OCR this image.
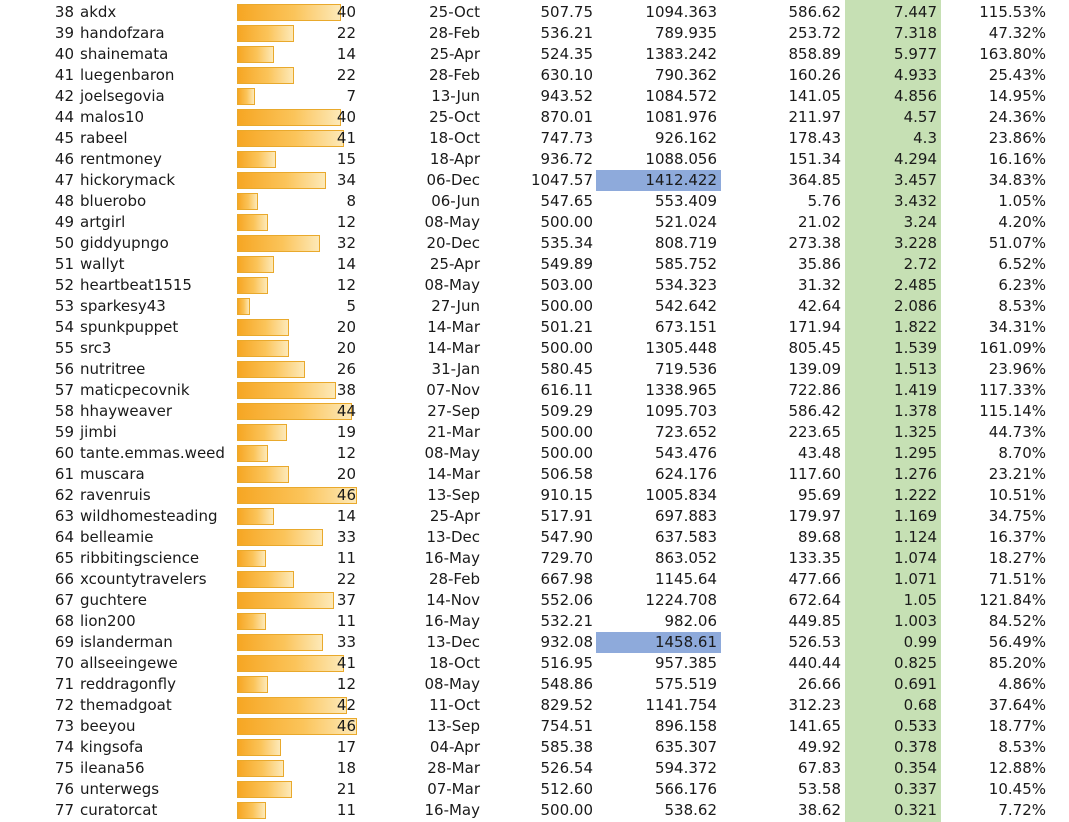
38 akdx	40	25-Oct	507.75	1094.363	586.62	7.447	115.53%
39 handofzara	22	28-Feb	536.21	789.935	253.72	7.318	47.32%
40 shainemata	14	25-Apr	524.35	1383.242	858.89	5.977	163.80%
41 luegenbaron	22	28-Feb	630.10	790.362	160.26	4.933	25.43%
42 joelsegovia	7	13-Jun	943.52	1084.572	141.05	4.856	14.95%
44 malos10	40	25-Oct	870.01	1081.976	211.97	4.57	24.36%
45 rabeel	41	18-Oct	747.73	926.162	178.43	4.3	23.86%
46 rentmoney	15	18-Apr	936.72	1088.056	151.34	4.294	16.16%
47 hickorymack	34	06-Dec	1047.57	1412.422	364.85	3.457	34.83%
48 bluerobo	8	06-Jun	547.65	553.409	5.76	3.432	1.05%
49 artgirl	12	08-May	500.00	521.024	21.02	3.24	4.20%
50 giddyupngo	32	20-Dec	535.34	808.719	273.38	3.228	51.07%
51 wallyt	14	25-Apr	549.89	585.752	35.86	2.72	6.52%
52 heartbeat1515	12	08-May	503.00	534.323	31.32	2.485	6.23%
53 sparkesy43	5	27-Jun	500.00	542.642	42.64	2.086	8.53%
54 spunkpuppet	20	14-Mar	501.21	673.151	171.94	1.822	34.31%
55 src3	20	14-Mar	500.00	1305.448	805.45	1.539	161.09%
56 nutritree	26	31-Jan	580.45	719.536	139.09	1.513	23.96%
57 maticpecovnik	38	07-Nov	616.11	1338.965	722.86	1.419	117.33%
58 hhayweaver	44	27-Sep	509.29	1095.703	586.42	1.378	115.14%
59 jimbi	19	21-Mar	500.00	723.652	223.65	1.325	44.73%
60 tante.emmas.weed	12	08-May	500.00	543.476	43.48	1.295	8.70%
61 muscara	20	14-Mar	506.58	624.176	117.60	1.276	23.21%
62 ravenruis	46	13-Sep	910.15	1005.834	95.69	1.222	10.51%
63 wildhomesteading	14	25-Apr	517.91	697.883	179.97	1.169	34.75%
64 belleamie	33	13-Dec	547.90	637.583	89.68	1.124	16.37%
65 ribbitingscience	11	16-May	729.70	863.052	133.35	1.074	18.27%
66 xcountytravelers	22	28-Feb	667.98	1145.64	477.66	1.071	71.51%
67 guchtere	37	14-Nov	552.06	1224.708	672.64	1.05	121.84%
68 lion200	11	16-May	532.21	982.06	449.85	1.003	84.52%
69 islanderman	33	13-Dec	932.08	1458.61	526.53	0.99	56.49%
70 allseeingewe	41	18-Oct	516.95	957.385	440.44	0.825	85.20%
71 reddragonfly	12	08-May	548.86	575.519	26.66	0.691	4.86%
72 themadgoat	42	11-Oct	829.52	1141.754	312.23	0.68	37.64%
73 beeyou	46	13-Sep	754.51	896.158	141.65	0.533	18.77%
74 kingsofa	17	04-Apr	585.38	635.307	49.92	0.378	8.53%
75 ileana56	18	28-Mar	526.54	594.372	67.83	0.354	12.88%
76 unterwegs	21	07-Mar	512.60	566.176	53.58	0.337	10.45%
77 curatorcat	11	16-May	500.00	538.62	38.62	0.321	7.72%
